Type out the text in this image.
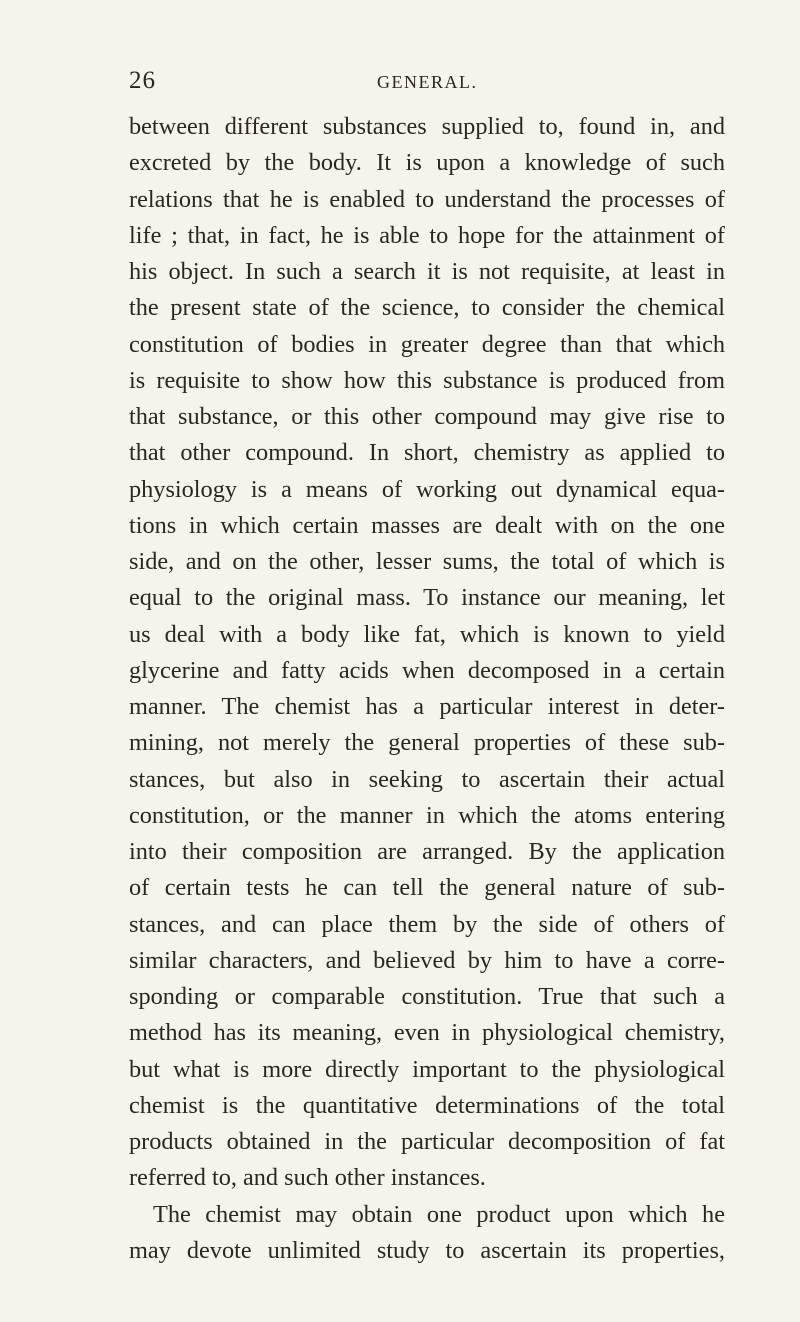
26	GENERAL.
between different substances supplied to, found in, and
excreted by the body. It is upon a knowledge of such
relations that he is enabled to understand the processes of
life ; that, in fact, he is able to hope for the attainment of
his object. In such a search it is not requisite, at least in
the present state of the science, to consider the chemical
constitution of bodies in greater degree than that which
is requisite to show how this substance is produced from
that substance, or this other compound may give rise to
that other compound. In short, chemistry as applied to
physiology is a means of working out dynamical equa-
tions in which certain masses are dealt with on the one
side, and on the other, lesser sums, the total of which is
equal to the original mass. To instance our meaning, let
us deal with a body like fat, which is known to yield
glycerine and fatty acids when decomposed in a certain
manner. The chemist has a particular interest in deter-
mining, not merely the general properties of these sub-
stances, but also in seeking to ascertain their actual
constitution, or the manner in which the atoms entering
into their composition are arranged. By the application
of certain tests he can tell the general nature of sub-
stances, and can place them by the side of others of
similar characters, and believed by him to have a corre-
sponding or comparable constitution. True that such a
method has its meaning, even in physiological chemistry,
but what is more directly important to the physiological
chemist is the quantitative determinations of the total
products obtained in the particular decomposition of fat
referred to, and such other instances.
The chemist may obtain one product upon which he
may devote unlimited study to ascertain its properties,
